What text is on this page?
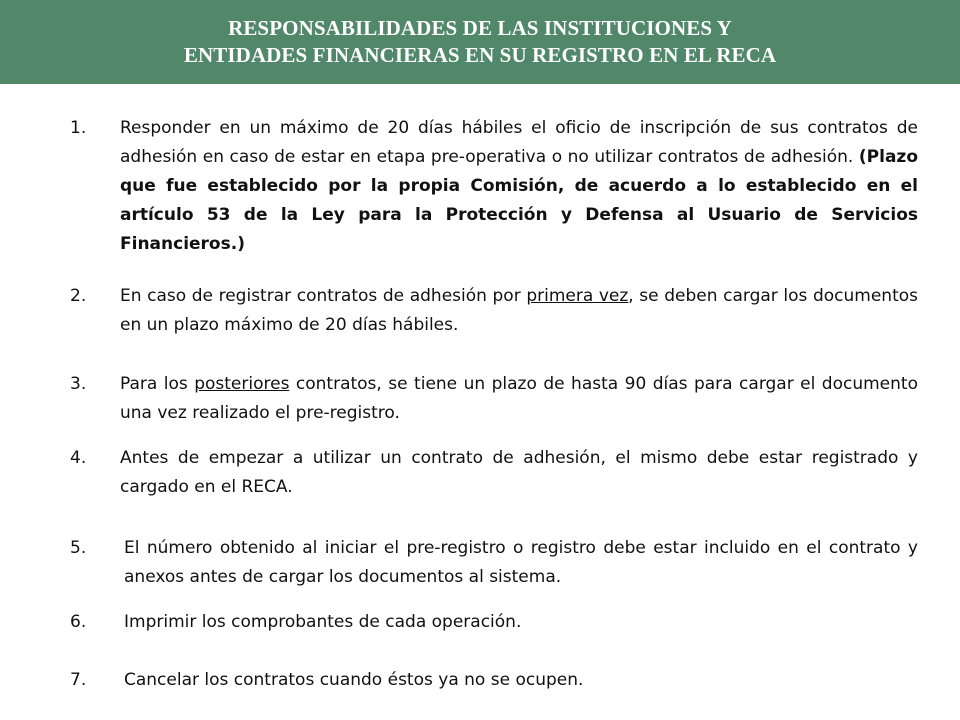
RESPONSABILIDADES DE LAS INSTITUCIONES Y
ENTIDADES FINANCIERAS EN SU REGISTRO EN EL RECA
1. Responder en un máximo de 20 días hábiles el oficio de inscripción de sus contratos de adhesión en caso de estar en etapa pre-operativa o no utilizar contratos de adhesión. (Plazo que fue establecido por la propia Comisión, de acuerdo a lo establecido en el artículo 53 de la Ley para la Protección y Defensa al Usuario de Servicios Financieros.)
2. En caso de registrar contratos de adhesión por primera vez, se deben cargar los documentos en un plazo máximo de 20 días hábiles.
3. Para los posteriores contratos, se tiene un plazo de hasta 90 días para cargar el documento una vez realizado el pre-registro.
4. Antes de empezar a utilizar un contrato de adhesión, el mismo debe estar registrado y cargado en el RECA.
5. El número obtenido al iniciar el pre-registro o registro debe estar incluido en el contrato y anexos antes de cargar los documentos al sistema.
6. Imprimir los comprobantes de cada operación.
7. Cancelar los contratos cuando éstos ya no se ocupen.
